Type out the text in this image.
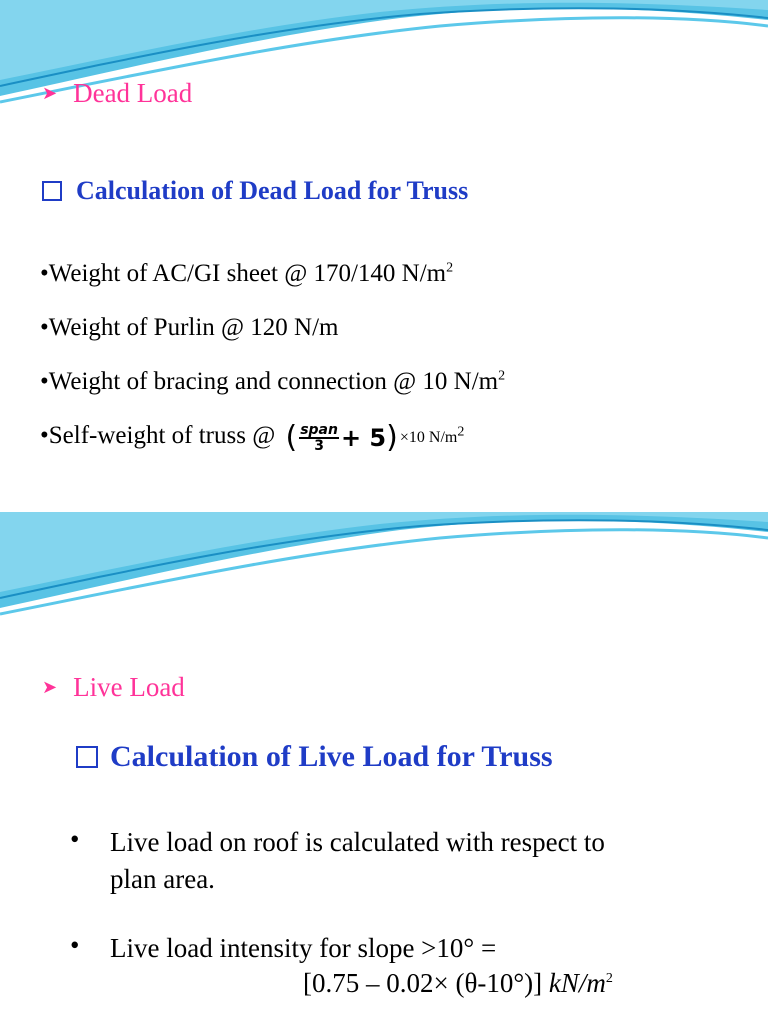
➤ Dead Load
Calculation of Dead Load for Truss
•Weight of AC/GI sheet @ 170/140 $N/m^2$
•Weight of Purlin @ 120 N/m
•Weight of bracing and connection @ 10 $N/m^2$
•Self-weight of truss @ ( $\frac{\text{span}}{3} + 5$ ) ×10 $N/m^2$
➤ Live Load
Calculation of Live Load for Truss
• Live load on roof is calculated with respect to
plan area.
• Live load intensity for slope >10° =
[0.75 – 0.02× (θ-10°)] $kN/m^2$
